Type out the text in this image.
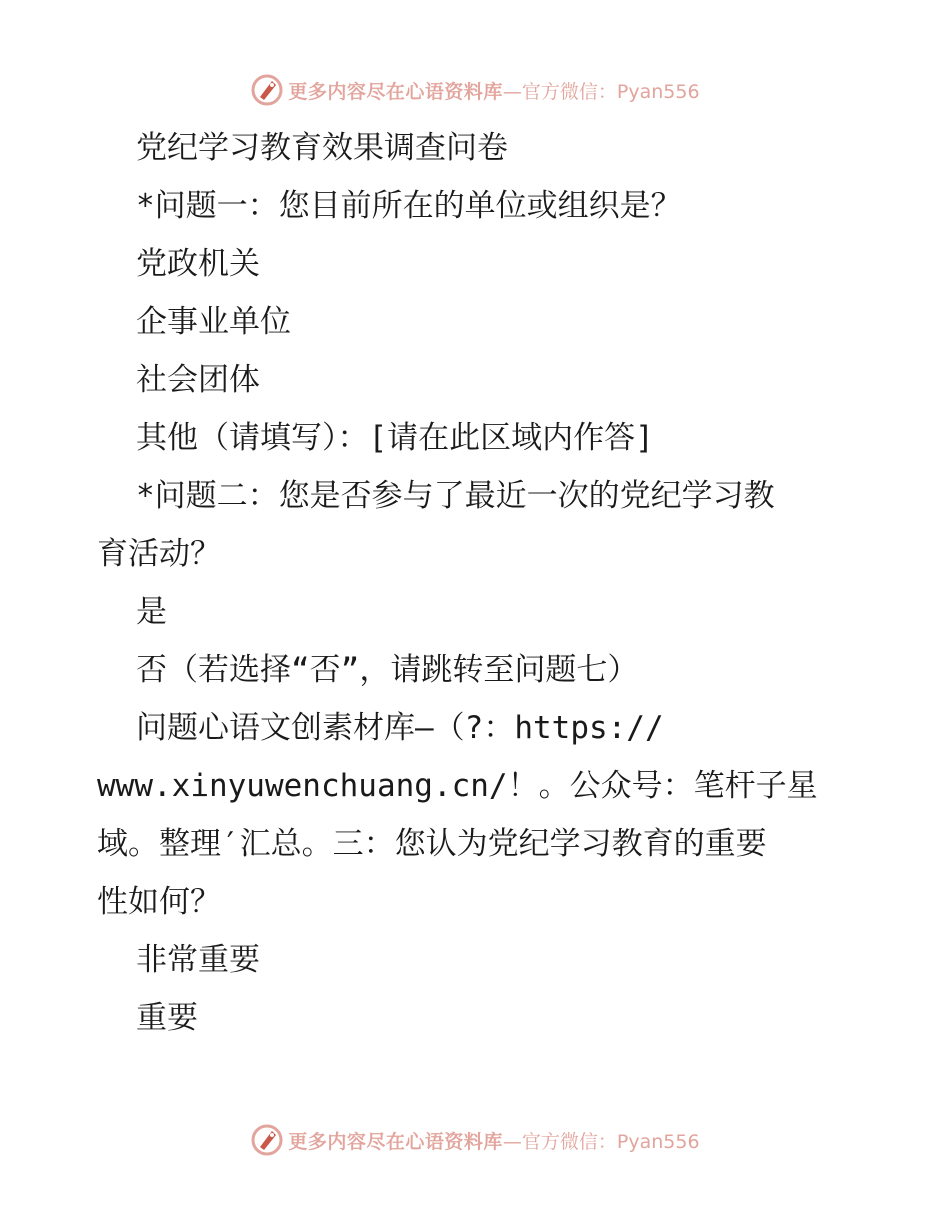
更多内容尽在心语资料库 —官方微信：Pyan556
党纪学习教育效果调查问卷
*问题一：您目前所在的单位或组织是？
党政机关
企事业单位
社会团体
其他（请填写）：[请在此区域内作答]
*问题二：您是否参与了最近一次的党纪学习教
育活动？
是
否（若选择“否”，请跳转至问题七）
问题心语文创素材库—（?：https://
www.xinyuwenchuang.cn/！。公众号：笔杆子星
域。整理′汇总。三：您认为党纪学习教育的重要
性如何？
非常重要
重要
更多内容尽在心语资料库 —官方微信：Pyan556
